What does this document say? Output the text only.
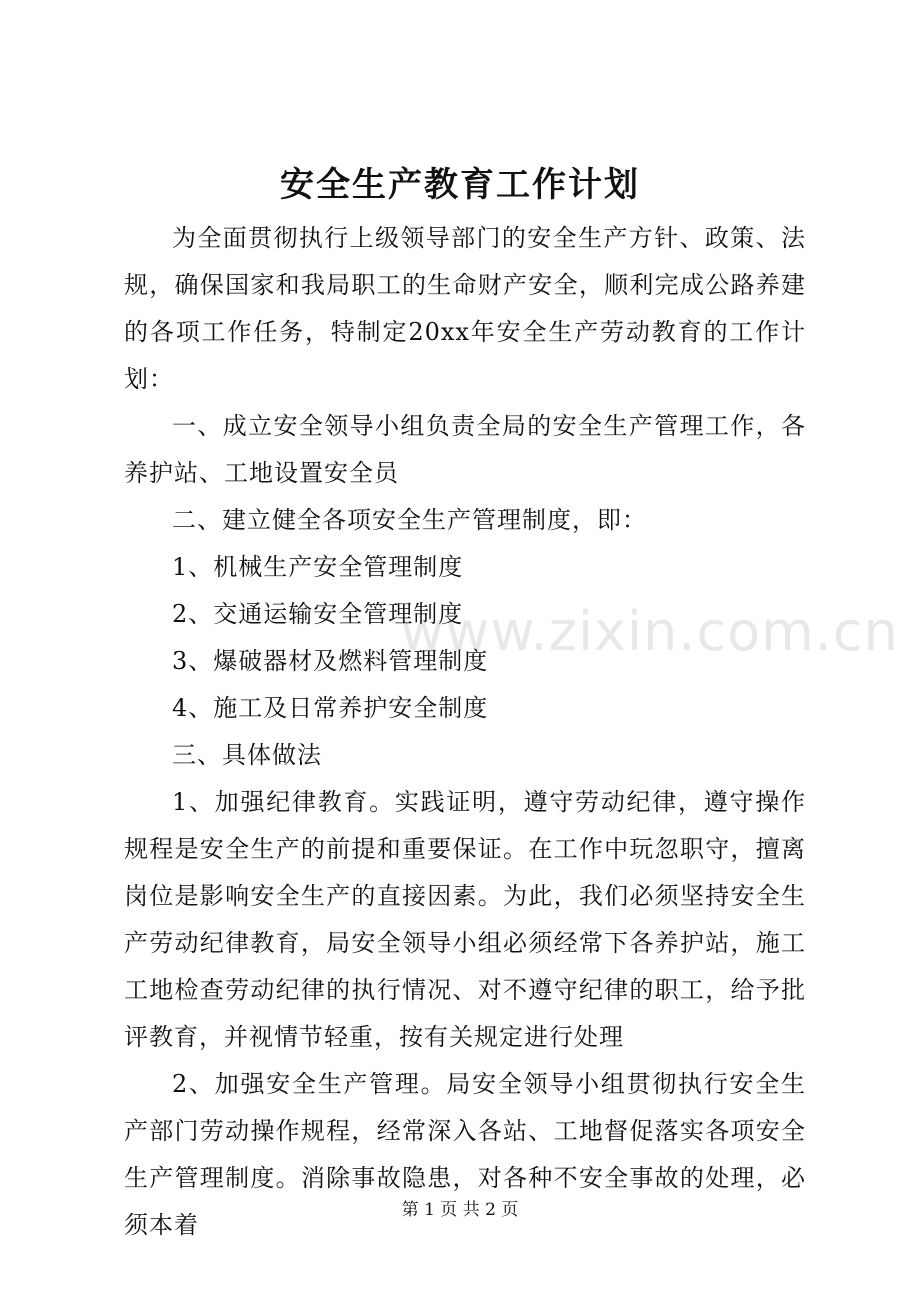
安全生产教育工作计划

为全面贯彻执行上级领导部门的安全生产方针、政策、法规，确保国家和我局职工的生命财产安全，顺利完成公路养建的各项工作任务，特制定20xx年安全生产劳动教育的工作计划：

一、成立安全领导小组负责全局的安全生产管理工作，各养护站、工地设置安全员

二、建立健全各项安全生产管理制度，即：

1、机械生产安全管理制度

2、交通运输安全管理制度

3、爆破器材及燃料管理制度

4、施工及日常养护安全制度

三、具体做法

1、加强纪律教育。实践证明，遵守劳动纪律，遵守操作规程是安全生产的前提和重要保证。在工作中玩忽职守，擅离岗位是影响安全生产的直接因素。为此，我们必须坚持安全生产劳动纪律教育，局安全领导小组必须经常下各养护站，施工工地检查劳动纪律的执行情况、对不遵守纪律的职工，给予批评教育，并视情节轻重，按有关规定进行处理

2、加强安全生产管理。局安全领导小组贯彻执行安全生产部门劳动操作规程，经常深入各站、工地督促落实各项安全生产管理制度。消除事故隐患，对各种不安全事故的处理，必须本着

www.zixin.com.cn
第 1 页 共 2 页
